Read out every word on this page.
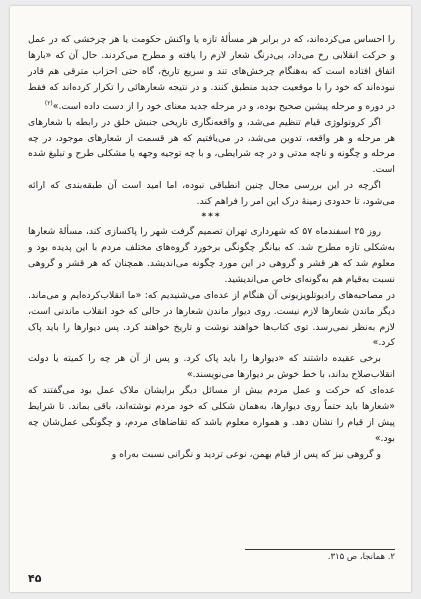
را احساس می‌کرده‌اند، که در برابر هر مسألهٔ تازه یا واکنش حکومت یا هر چرخشی که در عمل و حرکت انقلابی رخ می‌داد، بی‌درنگ شعار لازم را یافته و مطرح می‌کردند. حال آن که «بارها اتفاق افتاده است که به‌هنگام چرخش‌های تند و سریع تاریخ، گاه حتی احزاب مترقی هم قادر نبوده‌اند که خود را با موقعیت جدید منطبق کنند. و در نتیجه شعارهائی را تکرار کرده‌اند که فقط در دوره و مرحله پیشین صحیح بوده، و در مرحله جدید معنای خود را از دست داده است.»$^{(۲)}$

اگر کرونولوژی قیام تنظیم می‌شد، و واقعه‌نگاری تاریخی جنبش خلق در رابطه با شعارهای هر مرحله و هر واقعه، تدوین می‌شد، در می‌یافتیم که هر قسمت از شعارهای موجود، در چه مرحله و چگونه و ناچه مدتی و در چه شرایطی، و با چه توجیه وجهه یا مشکلی طرح و تبلیغ شده است.

اگرچه در این بررسی مجال چنین انطباقی نبوده، اما امید است آن طبقه‌بندی که ارائه می‌شود، تا حدودی زمینهٔ درک این امر را فراهم کند.

***

روز ۲۵ اسفندماه ۵۷ که شهرداری تهران تصمیم گرفت شهر را پاکسازی کند، مسألهٔ شعارها به‌شکلی تازه مطرح شد. که بیانگر چگونگی برخورد گروه‌های مختلف مردم با این پدیده بود و معلوم شد که هر قشر و گروهی در این مورد چگونه می‌اندیشد. همچنان که هر قشر و گروهی نسبت به‌قیام هم به‌گونه‌ای خاص می‌اندیشید.

در مصاحبه‌های رادیوتلویزیونی آن هنگام از عده‌ای می‌شنیدیم که: «ما انقلاب‌کرده‌ایم و می‌ماند. دیگر ماندن شعارها لازم نیست. روی دیوار ماندن شعارها در حالی که خود انقلاب ماندنی است، لازم به‌نظر نمی‌رسد. توی کتاب‌ها خواهند نوشت و تاریخ خواهند کرد. پس دیوارها را باید پاک کرد.»

برخی عقیده داشتند که «دیوارها را باید پاک کرد. و پس از آن هر چه را کمیته یا دولت انقلاب‌صلاح بداند، با خط خوش بر دیوارها می‌نویسند.»

عده‌ای که حرکت و عمل مردم بیش از مسائل دیگر برایشان ملاک عمل بود می‌گفتند که «شعارها باید حتماً روی دیوارها، به‌همان شکلی که خود مردم نوشته‌اند، باقی بماند. تا شرایط پیش از قیام را نشان دهد. و همواره معلوم باشد که تقاضاهای مردم، و چگونگی عمل‌شان چه بود.»

و گروهی نیز که پس از قیام بهمن، نوعی تردید و نگرانی نسبت به‌راه و

۲. همانجا، ص ۳۱۵.
۴۵
